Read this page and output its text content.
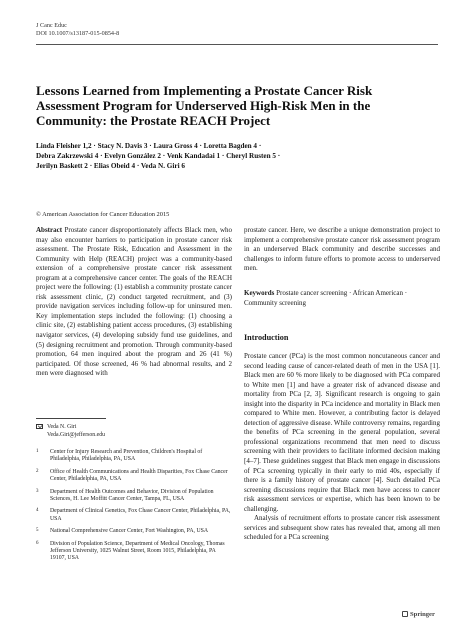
J Canc Educ
DOI 10.1007/s13187-015-0854-8
Lessons Learned from Implementing a Prostate Cancer Risk Assessment Program for Underserved High-Risk Men in the Community: the Prostate REACH Project
Linda Fleisher 1,2 · Stacy N. Davis 3 · Laura Gross 4 · Loretta Bagden 4 ·
Debra Zakrzewski 4 · Evelyn González 2 · Venk Kandadai 1 · Cheryl Rusten 5 ·
Jerilyn Baskett 2 · Elias Obeid 4 · Veda N. Giri 6
© American Association for Cancer Education 2015
Abstract Prostate cancer disproportionately affects Black men, who may also encounter barriers to participation in prostate cancer risk assessment. The Prostate Risk, Education and Assessment in the Community with Help (REACH) project was a community-based extension of a comprehensive prostate cancer risk assessment program at a comprehensive cancer center. The goals of the REACH project were the following: (1) establish a community prostate cancer risk assessment clinic, (2) conduct targeted recruitment, and (3) provide navigation services including follow-up for uninsured men. Key implementation steps included the following: (1) choosing a clinic site, (2) establishing patient access procedures, (3) establishing navigator services, (4) developing subsidy fund use guidelines, and (5) designing recruitment and promotion. Through community-based promotion, 64 men inquired about the program and 26 (41 %) participated. Of those screened, 46 % had abnormal results, and 2 men were diagnosed with
prostate cancer. Here, we describe a unique demonstration project to implement a comprehensive prostate cancer risk assessment program in an underserved Black community and describe successes and challenges to inform future efforts to promote access to underserved men.
Keywords Prostate cancer screening · African American · Community screening
Introduction

Prostate cancer (PCa) is the most common noncutaneous cancer and second leading cause of cancer-related death of men in the USA [1]. Black men are 60 % more likely to be diagnosed with PCa compared to White men [1] and have a greater risk of advanced disease and mortality from PCa [2, 3]. Significant research is ongoing to gain insight into the disparity in PCa incidence and mortality in Black men compared to White men. However, a contributing factor is delayed detection of aggressive disease. While controversy remains, regarding the benefits of PCa screening in the general population, several professional organizations recommend that men need to discuss screening with their providers to facilitate informed decision making [4–7]. These guidelines suggest that Black men engage in discussions of PCa screening typically in their early to mid 40s, especially if there is a family history of prostate cancer [4]. Such detailed PCa screening discussions require that Black men have access to cancer risk assessment services or expertise, which has been known to be challenging.

Analysis of recruitment efforts to prostate cancer risk assessment services and subsequent show rates has revealed that, among all men scheduled for a PCa screening

Veda N. Giri
Veda.Giri@jefferson.edu
1 Center for Injury Research and Prevention, Children's Hospital of Philadelphia, Philadelphia, PA, USA
2 Office of Health Communications and Health Disparities, Fox Chase Cancer Center, Philadelphia, PA, USA
3 Department of Health Outcomes and Behavior, Division of Population Sciences, H. Lee Moffitt Cancer Center, Tampa, FL, USA
4 Department of Clinical Genetics, Fox Chase Cancer Center, Philadelphia, PA, USA
5 National Comprehensive Cancer Center, Fort Washington, PA, USA
6 Division of Population Science, Department of Medical Oncology, Thomas Jefferson University, 1025 Walnut Street, Room 1015, Philadelphia, PA 19107, USA
Springer
